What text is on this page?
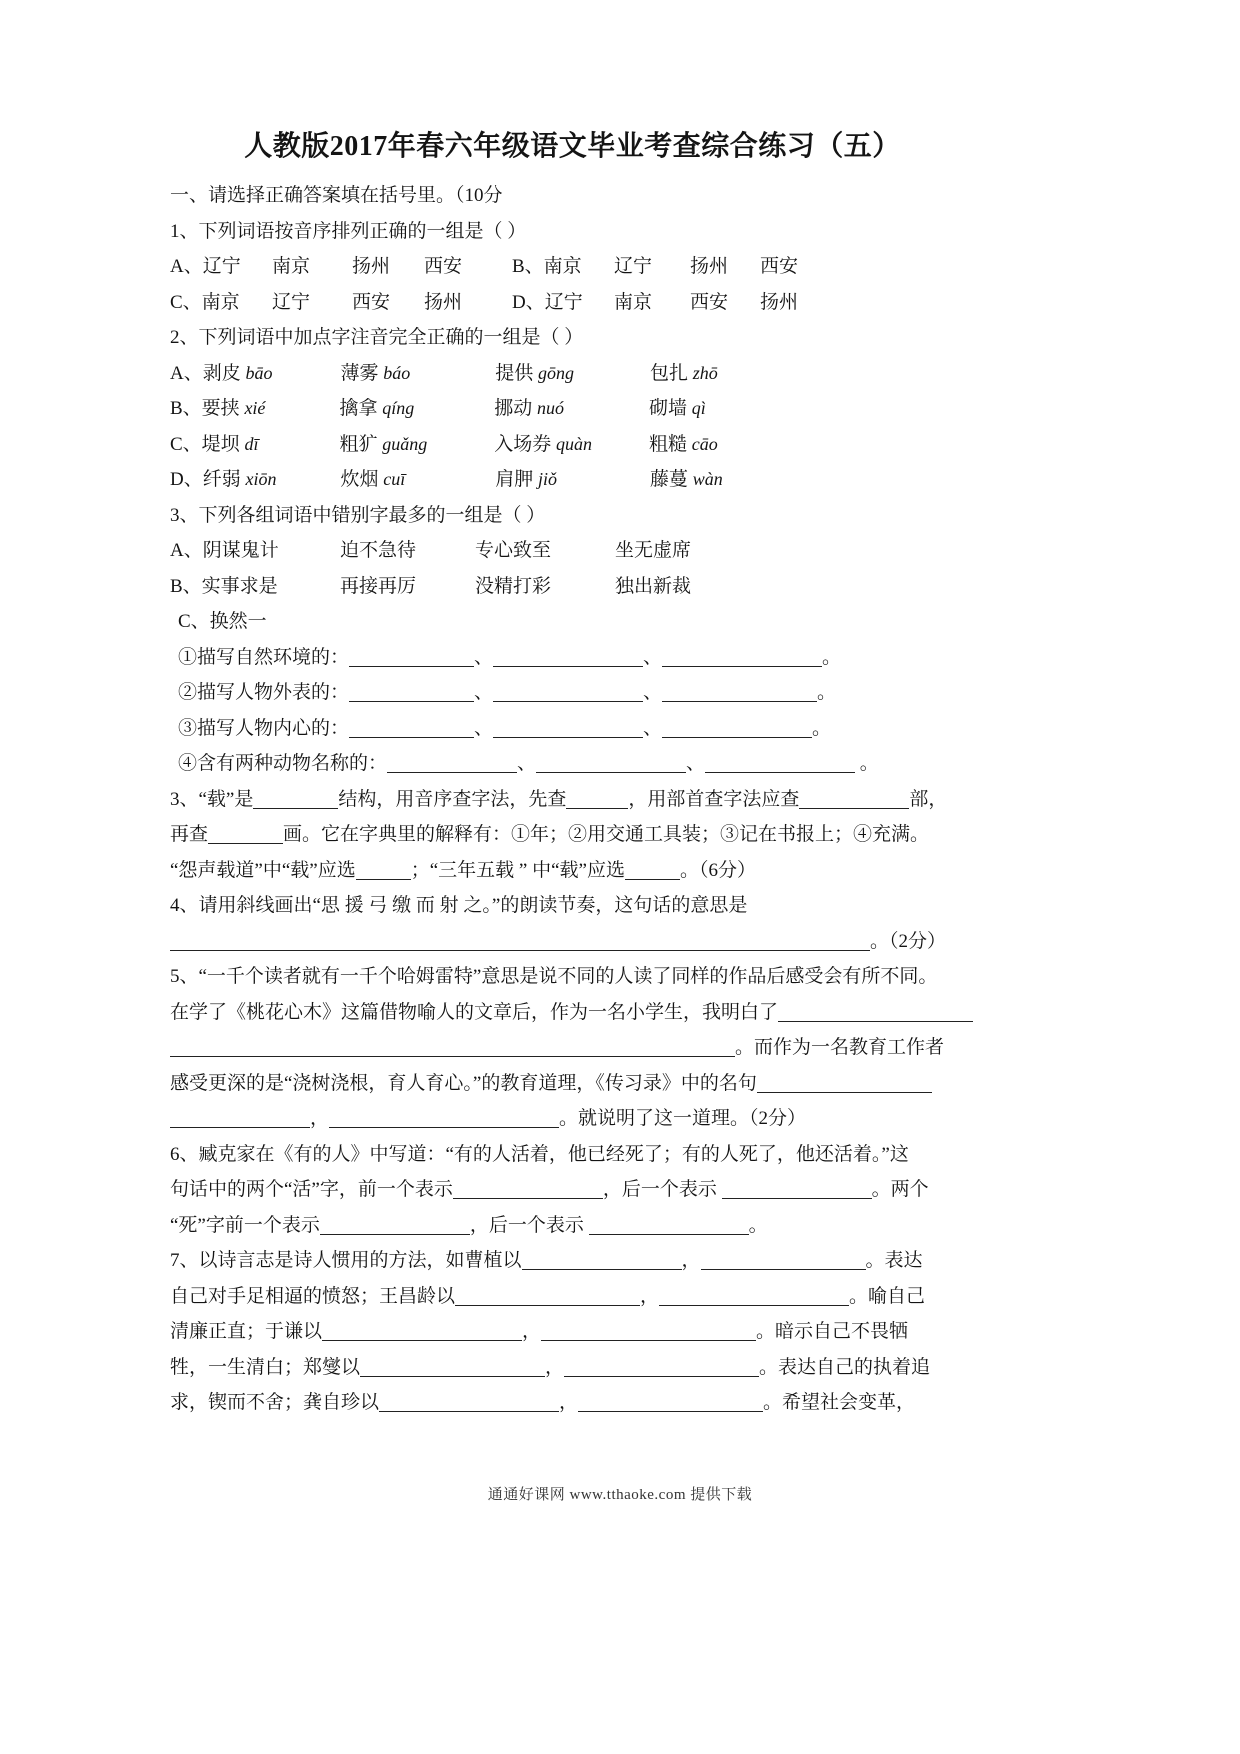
人教版2017年春六年级语文毕业考查综合练习（五）
一、请选择正确答案填在括号里。（10分
1、下列词语按音序排列正确的一组是（ ）
A、辽宁 南京 扬州 西安	B、南京 辽宁 扬州 西安
C、南京 辽宁 西安 扬州	D、辽宁 南京 西安 扬州
2、下列词语中加点字注音完全正确的一组是（ ）
A、剥皮 bāo	薄雾 báo	提供 gōng	包扎 zhō
B、要挟 xié	擒拿 qíng	挪动 nuó	砌墙 qì
C、堤坝 dī	粗犷 guǎng	入场券 quàn	粗糙 cāo
D、纤弱 xiōn	炊烟 cuī	肩胛 jiǒ	藤蔓 wàn
3、下列各组词语中错别字最多的一组是（ ）
A、阴谋鬼计	迫不急待	专心致至	坐无虚席
B、实事求是	再接再厉	没精打彩	独出新裁
C、换然一
①描写自然环境的：	、	、	。
②描写人物外表的：	、	、	。
③描写人物内心的：	、	、	。
④含有两种动物名称的：	、	、	。
3、“载”是	结构，用音序查字法，先查	，用部首查字法应查	部，
再查	画。它在字典里的解释有：①年；②用交通工具装；③记在书报上；④充满。
“怨声载道”中“载”应选	；“三年五载 ” 中“载”应选	。（6分）
4、请用斜线画出“思 援 弓 缴 而 射 之。”的朗读节奏，这句话的意思是
。（2分）
5、“一千个读者就有一千个哈姆雷特”意思是说不同的人读了同样的作品后感受会有所不同。
在学了《桃花心木》这篇借物喻人的文章后，作为一名小学生，我明白了
。而作为一名教育工作者
感受更深的是“浇树浇根，育人育心。”的教育道理，《传习录》中的名句
，	。就说明了这一道理。（2分）
6、臧克家在《有的人》中写道：“有的人活着，他已经死了；有的人死了，他还活着。”这
句话中的两个“活”字，前一个表示	，后一个表示	。两个
“死”字前一个表示	，后一个表示	。
7、以诗言志是诗人惯用的方法，如曹植以	，	。表达
自己对手足相逼的愤怒；王昌龄以	，	。喻自己
清廉正直；于谦以	，	。暗示自己不畏牺
牲，一生清白；郑燮以	，	。表达自己的执着追
求，锲而不舍；龚自珍以	，	。希望社会变革，
通通好课网 www.tthaoke.com 提供下载
